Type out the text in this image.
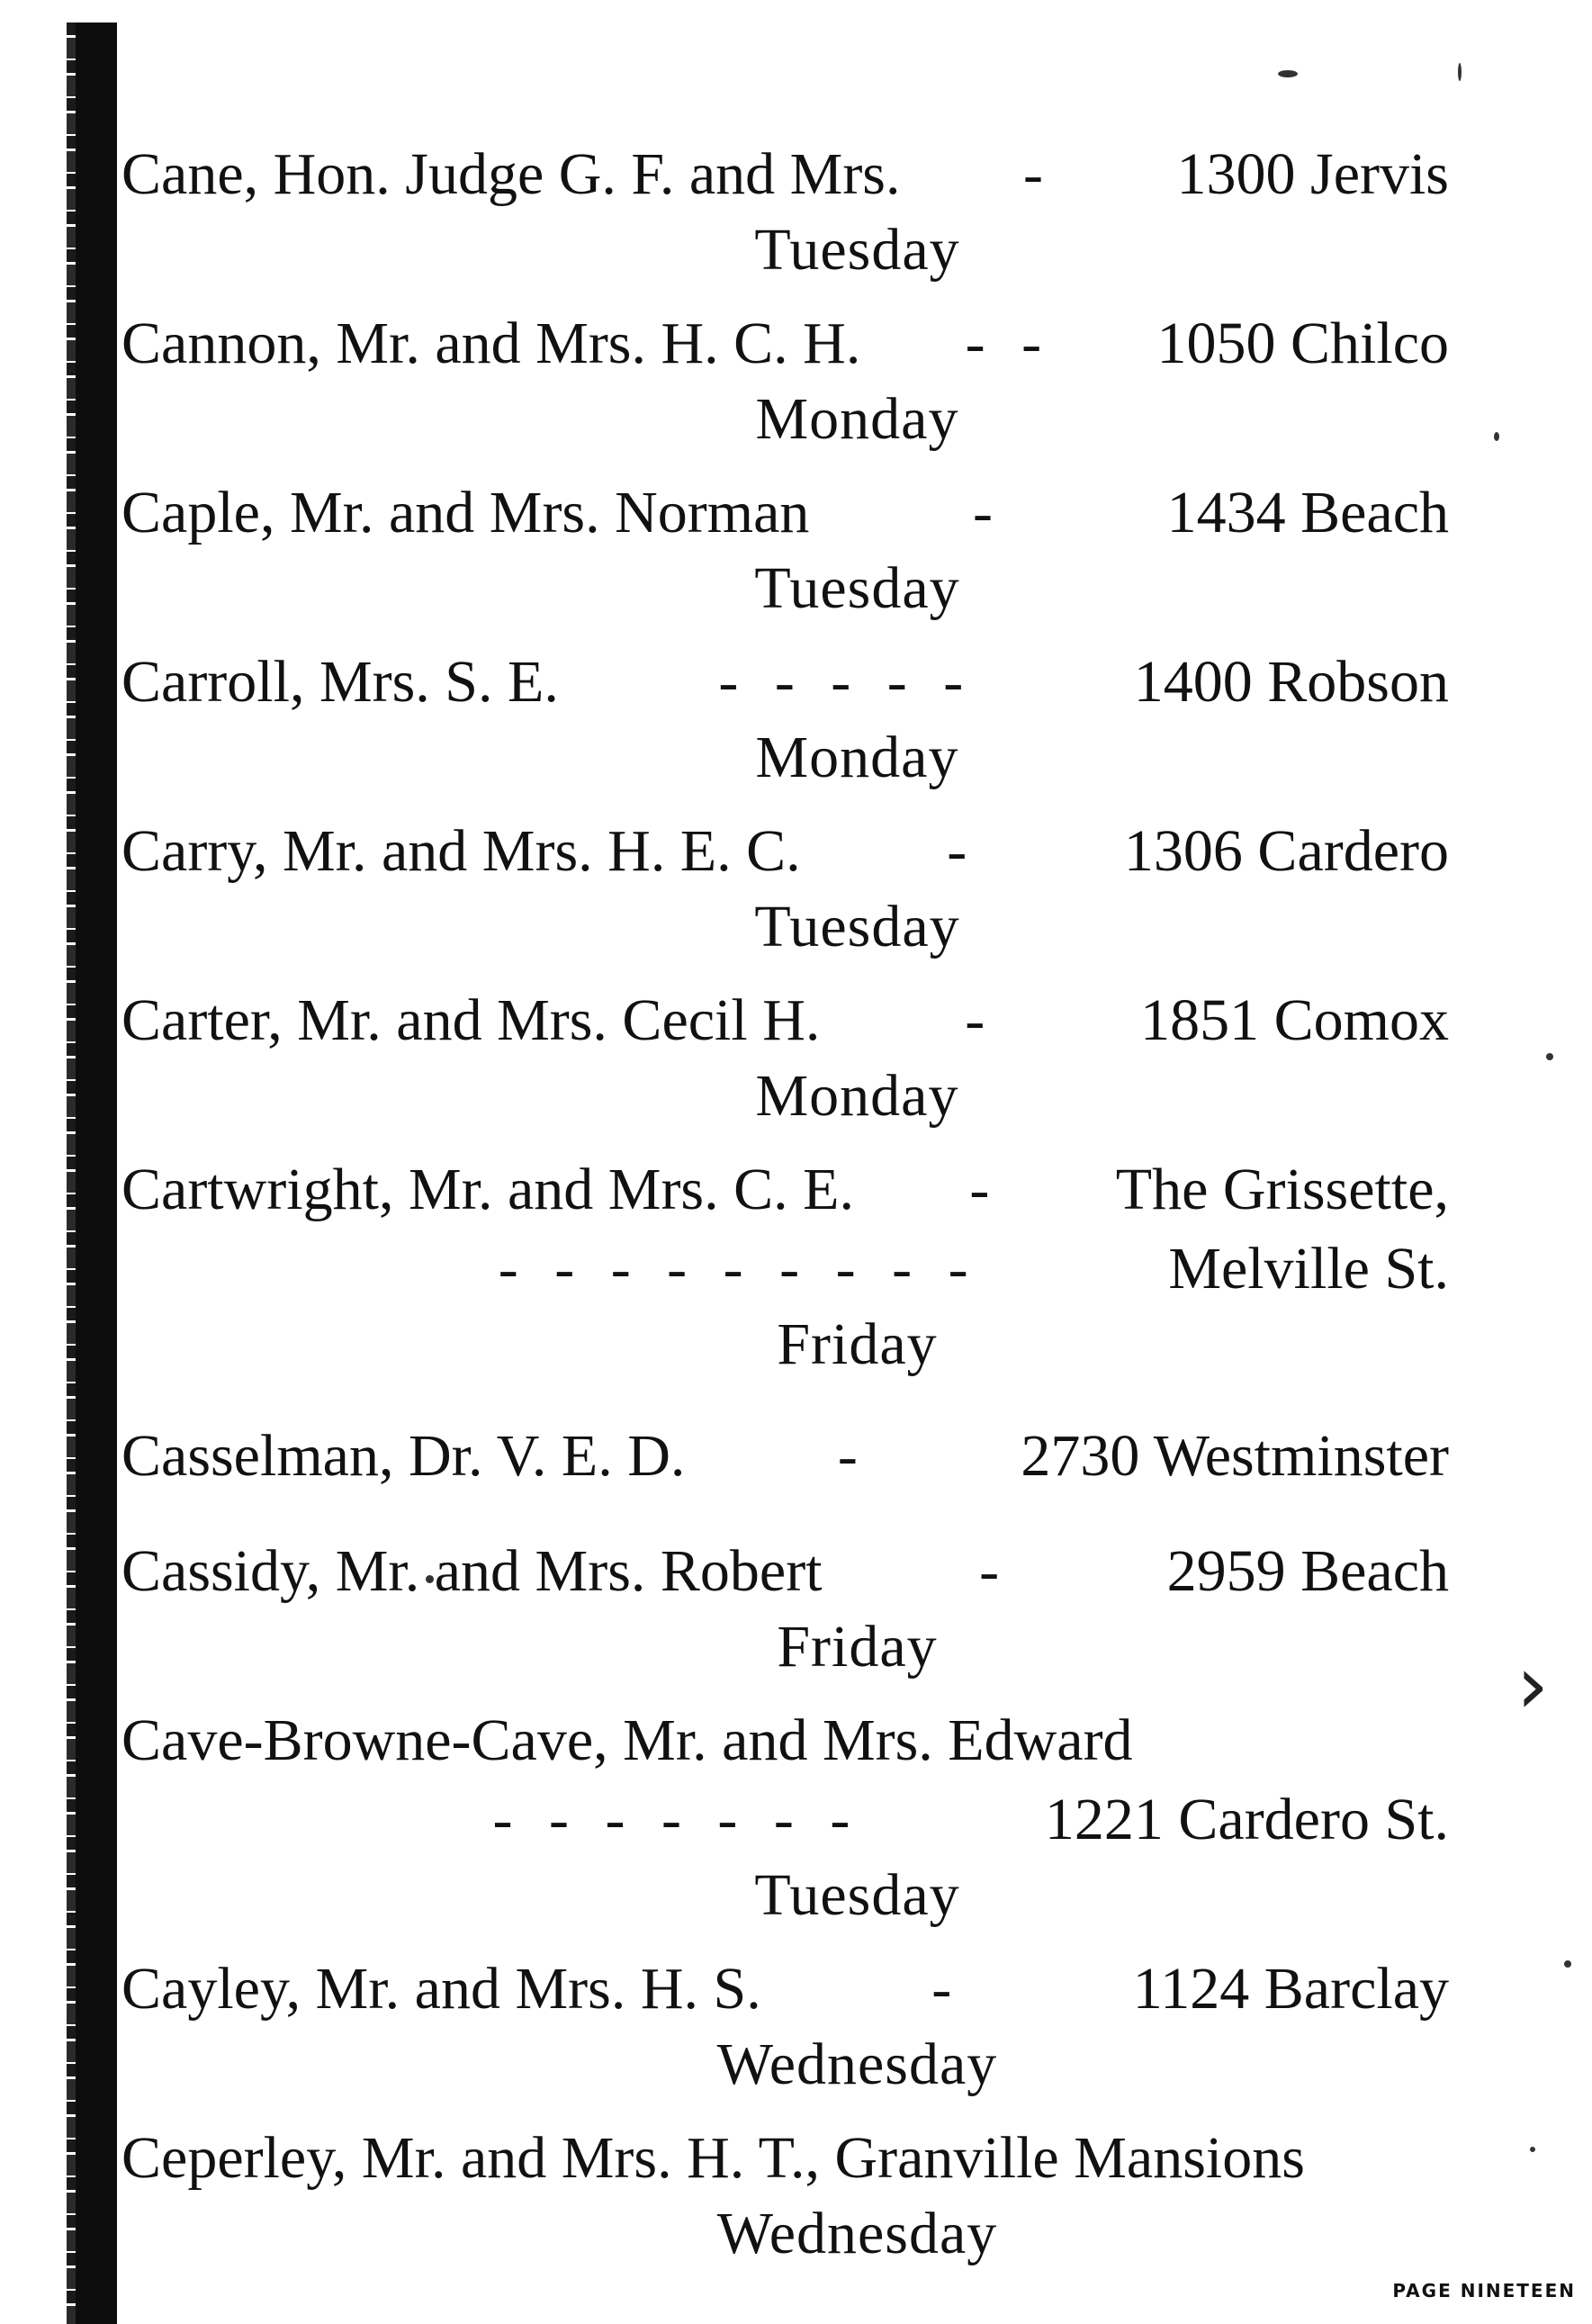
›
Cane, Hon. Judge G. F. and Mrs.	-	1300 Jervis
Tuesday
Cannon, Mr. and Mrs. H. C. H.	- -	1050 Chilco
Monday
Caple, Mr. and Mrs. Norman	-	1434 Beach
Tuesday
Carroll, Mrs. S. E.	- - - - -	1400 Robson
Monday
Carry, Mr. and Mrs. H. E. C.	-	1306 Cardero
Tuesday
Carter, Mr. and Mrs. Cecil H.	-	1851 Comox
Monday
Cartwright, Mr. and Mrs. C. E.	-	The Grissette,
- - - - - - - - -	Melville St.
Friday
Casselman, Dr. V. E. D.	-	2730 Westminster
Cassidy, Mr. and Mrs. Robert	-	2959 Beach
Friday
Cave-Browne-Cave, Mr. and Mrs. Edward
- - - - - - -	1221 Cardero St.
Tuesday
Cayley, Mr. and Mrs. H. S.	-	1124 Barclay
Wednesday
Ceperley, Mr. and Mrs. H. T., Granville Mansions
Wednesday
PAGE NINETEEN
